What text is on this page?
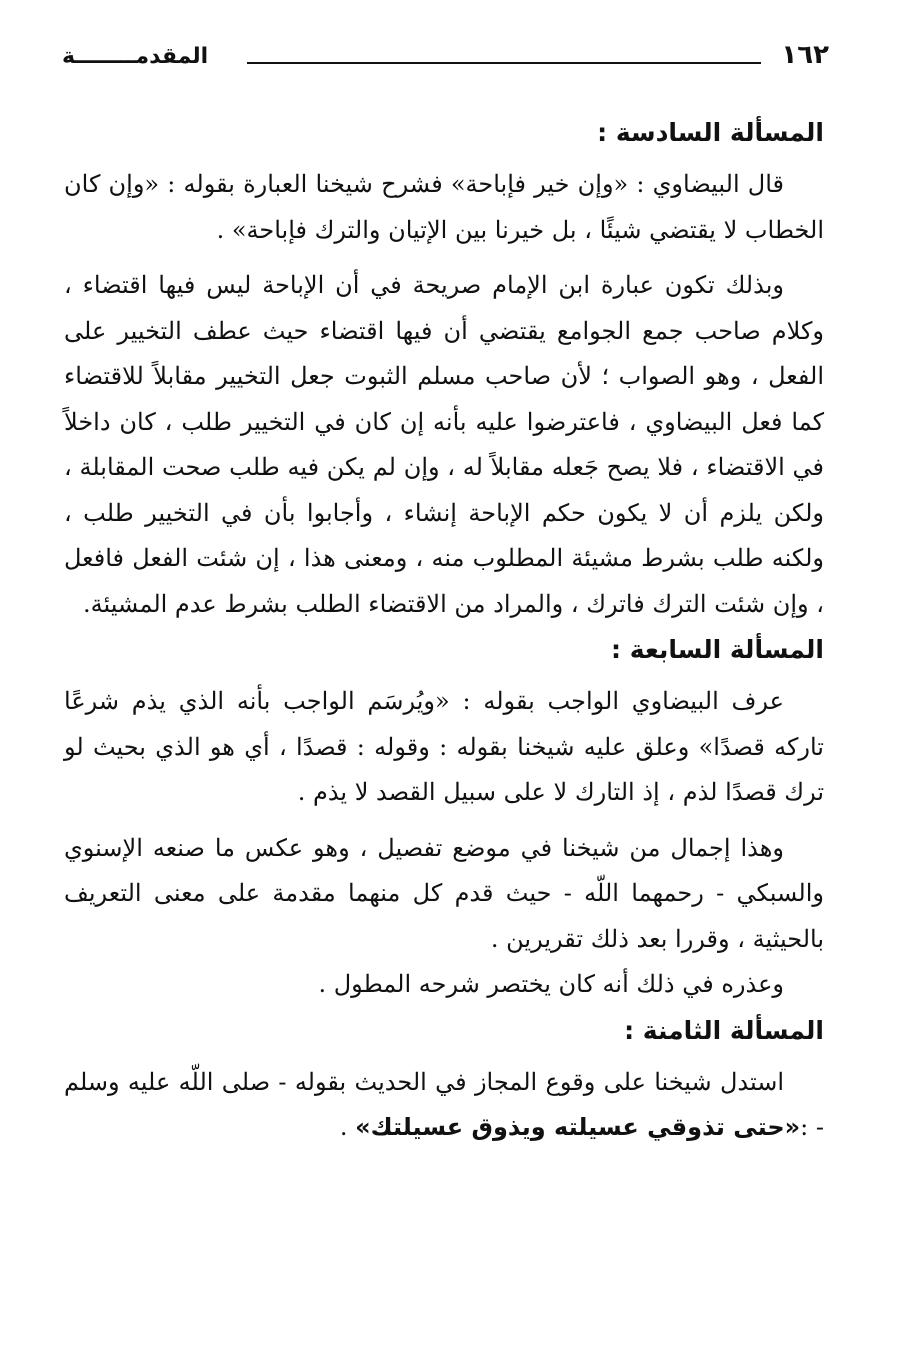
١٦٢
المقدمــــــــة
المسألة السادسة :

قال البيضاوي : «وإن خير فإباحة» فشرح شيخنا العبارة بقوله : «وإن كان الخطاب لا يقتضي شيئًا ، بل خيرنا بين الإتيان والترك فإباحة» .

وبذلك تكون عبارة ابن الإمام صريحة في أن الإباحة ليس فيها اقتضاء ، وكلام صاحب جمع الجوامع يقتضي أن فيها اقتضاء حيث عطف التخيير على الفعل ، وهو الصواب ؛ لأن صاحب مسلم الثبوت جعل التخيير مقابلاً للاقتضاء كما فعل البيضاوي ، فاعترضوا عليه بأنه إن كان في التخيير طلب ، كان داخلاً في الاقتضاء ، فلا يصح جَعله مقابلاً له ، وإن لم يكن فيه طلب صحت المقابلة ، ولكن يلزم أن لا يكون حكم الإباحة إنشاء ، وأجابوا بأن في التخيير طلب ، ولكنه طلب بشرط مشيئة المطلوب منه ، ومعنى هذا ، إن شئت الفعل فافعل ، وإن شئت الترك فاترك ، والمراد من الاقتضاء الطلب بشرط عدم المشيئة.

المسألة السابعة :

عرف البيضاوي الواجب بقوله : «ويُرسَم الواجب بأنه الذي يذم شرعًا تاركه قصدًا» وعلق عليه شيخنا بقوله : وقوله : قصدًا ، أي هو الذي بحيث لو ترك قصدًا لذم ، إذ التارك لا على سبيل القصد لا يذم .

وهذا إجمال من شيخنا في موضع تفصيل ، وهو عكس ما صنعه الإسنوي والسبكي - رحمهما اللّه - حيث قدم كل منهما مقدمة على معنى التعريف بالحيثية ، وقررا بعد ذلك تقريرين .

وعذره في ذلك أنه كان يختصر شرحه المطول .

المسألة الثامنة :

استدل شيخنا على وقوع المجاز في الحديث بقوله - صلى اللّه عليه وسلم - :«حتى تذوقي عسيلته ويذوق عسيلتك» .
